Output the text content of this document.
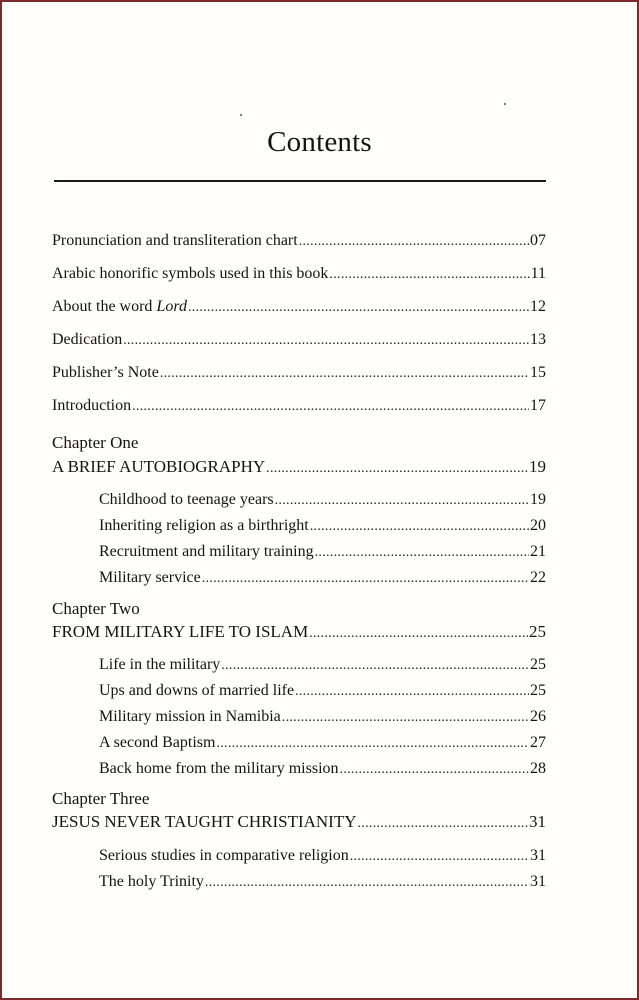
Contents
Pronunciation and transliteration chart .....	07
Arabic honorific symbols used in this book .....	11
About the word Lord .....	12
Dedication .....	13
Publisher’s Note .....	15
Introduction .....	17
Chapter One
A BRIEF AUTOBIOGRAPHY .....	19
Childhood to teenage years .....	19
Inheriting religion as a birthright .....	20
Recruitment and military training .....	21
Military service .....	22
Chapter Two
FROM MILITARY LIFE TO ISLAM .....	25
Life in the military .....	25
Ups and downs of married life .....	25
Military mission in Namibia .....	26
A second Baptism .....	27
Back home from the military mission .....	28
Chapter Three
JESUS NEVER TAUGHT CHRISTIANITY .....	31
Serious studies in comparative religion .....	31
The holy Trinity .....	31
